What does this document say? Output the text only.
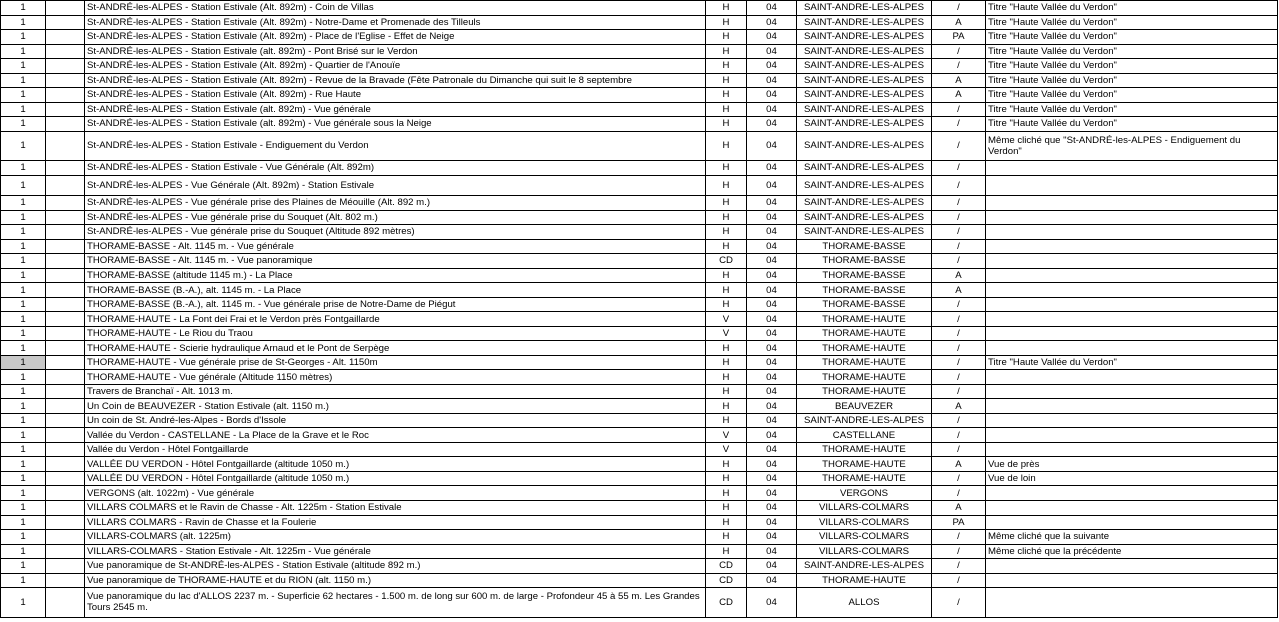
1		St-ANDRÉ-les-ALPES - Station Estivale (Alt. 892m) - Coin de Villas	H	04	SAINT-ANDRE-LES-ALPES	/	Titre "Haute Vallée du Verdon"
1		St-ANDRÉ-les-ALPES - Station Estivale (Alt. 892m) - Notre-Dame et Promenade des Tilleuls	H	04	SAINT-ANDRE-LES-ALPES	A	Titre "Haute Vallée du Verdon"
1		St-ANDRÉ-les-ALPES - Station Estivale (Alt. 892m) - Place de l'Eglise - Effet de Neige	H	04	SAINT-ANDRE-LES-ALPES	PA	Titre "Haute Vallée du Verdon"
1		St-ANDRÉ-les-ALPES - Station Estivale (alt. 892m) - Pont Brisé sur le Verdon	H	04	SAINT-ANDRE-LES-ALPES	/	Titre "Haute Vallée du Verdon"
1		St-ANDRÉ-les-ALPES - Station Estivale (Alt. 892m) - Quartier de l'Anouïe	H	04	SAINT-ANDRE-LES-ALPES	/	Titre "Haute Vallée du Verdon"
1		St-ANDRÉ-les-ALPES - Station Estivale (Alt. 892m) - Revue de la Bravade (Fête Patronale du Dimanche qui suit le 8 septembre	H	04	SAINT-ANDRE-LES-ALPES	A	Titre "Haute Vallée du Verdon"
1		St-ANDRÉ-les-ALPES - Station Estivale (Alt. 892m) - Rue Haute	H	04	SAINT-ANDRE-LES-ALPES	A	Titre "Haute Vallée du Verdon"
1		St-ANDRÉ-les-ALPES - Station Estivale (alt. 892m) - Vue générale	H	04	SAINT-ANDRE-LES-ALPES	/	Titre "Haute Vallée du Verdon"
1		St-ANDRÉ-les-ALPES - Station Estivale (alt. 892m) - Vue générale sous la Neige	H	04	SAINT-ANDRE-LES-ALPES	/	Titre "Haute Vallée du Verdon"
1		St-ANDRÉ-les-ALPES - Station Estivale - Endiguement du Verdon	H	04	SAINT-ANDRE-LES-ALPES	/	Même cliché que "St-ANDRÉ-les-ALPES - Endiguement du Verdon"
1		St-ANDRÉ-les-ALPES - Station Estivale - Vue Générale (Alt. 892m)	H	04	SAINT-ANDRE-LES-ALPES	/	
1		St-ANDRÉ-les-ALPES - Vue Générale (Alt. 892m) - Station Estivale	H	04	SAINT-ANDRE-LES-ALPES	/	
1		St-ANDRÉ-les-ALPES - Vue générale prise des Plaines de Méouille (Alt. 892 m.)	H	04	SAINT-ANDRE-LES-ALPES	/	
1		St-ANDRÉ-les-ALPES - Vue générale prise du Souquet (Alt. 802 m.)	H	04	SAINT-ANDRE-LES-ALPES	/	
1		St-ANDRÉ-les-ALPES - Vue générale prise du Souquet (Altitude 892 mètres)	H	04	SAINT-ANDRE-LES-ALPES	/	
1		THORAME-BASSE - Alt. 1145 m. - Vue générale	H	04	THORAME-BASSE	/	
1		THORAME-BASSE - Alt. 1145 m. - Vue panoramique	CD	04	THORAME-BASSE	/	
1		THORAME-BASSE (altitude 1145 m.) - La Place	H	04	THORAME-BASSE	A	
1		THORAME-BASSE (B.-A.), alt. 1145 m. - La Place	H	04	THORAME-BASSE	A	
1		THORAME-BASSE (B.-A.), alt. 1145 m. - Vue générale prise de Notre-Dame de Piégut	H	04	THORAME-BASSE	/	
1		THORAME-HAUTE - La Font dei Frai et le Verdon près Fontgaillarde	V	04	THORAME-HAUTE	/	
1		THORAME-HAUTE - Le Riou du Traou	V	04	THORAME-HAUTE	/	
1		THORAME-HAUTE - Scierie hydraulique Arnaud et le Pont de Serpège	H	04	THORAME-HAUTE	/	
1		THORAME-HAUTE - Vue générale prise de St-Georges - Alt. 1150m	H	04	THORAME-HAUTE	/	Titre "Haute Vallée du Verdon"
1		THORAME-HAUTE - Vue générale (Altitude 1150 mètres)	H	04	THORAME-HAUTE	/	
1		Travers de Branchaï - Alt. 1013 m.	H	04	THORAME-HAUTE	/	
1		Un Coin de BEAUVEZER - Station Estivale (alt. 1150 m.)	H	04	BEAUVEZER	A	
1		Un coin de St. André-les-Alpes - Bords d'Issole	H	04	SAINT-ANDRE-LES-ALPES	/	
1		Vallée du Verdon - CASTELLANE - La Place de la Grave et le Roc	V	04	CASTELLANE	/	
1		Vallée du Verdon - Hôtel Fontgaillarde	V	04	THORAME-HAUTE	/	
1		VALLÉE DU VERDON - Hôtel Fontgaillarde (altitude 1050 m.)	H	04	THORAME-HAUTE	A	Vue de près
1		VALLÉE DU VERDON - Hôtel Fontgaillarde (altitude 1050 m.)	H	04	THORAME-HAUTE	/	Vue de loin
1		VERGONS (alt. 1022m) - Vue générale	H	04	VERGONS	/	
1		VILLARS COLMARS et le Ravin de Chasse - Alt. 1225m - Station Estivale	H	04	VILLARS-COLMARS	A	
1		VILLARS COLMARS - Ravin de Chasse et la Foulerie	H	04	VILLARS-COLMARS	PA	
1		VILLARS-COLMARS (alt. 1225m)	H	04	VILLARS-COLMARS	/	Même cliché que la suivante
1		VILLARS-COLMARS - Station Estivale - Alt. 1225m - Vue générale	H	04	VILLARS-COLMARS	/	Même cliché que la précédente
1		Vue panoramique de St-ANDRÉ-les-ALPES - Station Estivale (altitude 892 m.)	CD	04	SAINT-ANDRE-LES-ALPES	/	
1		Vue panoramique de THORAME-HAUTE et du RION (alt. 1150 m.)	CD	04	THORAME-HAUTE	/	
1		Vue panoramique du lac d'ALLOS 2237 m. - Superficie 62 hectares - 1.500 m. de long sur 600 m. de large - Profondeur 45 à 55 m. Les Grandes Tours 2545 m.	CD	04	ALLOS	/	
